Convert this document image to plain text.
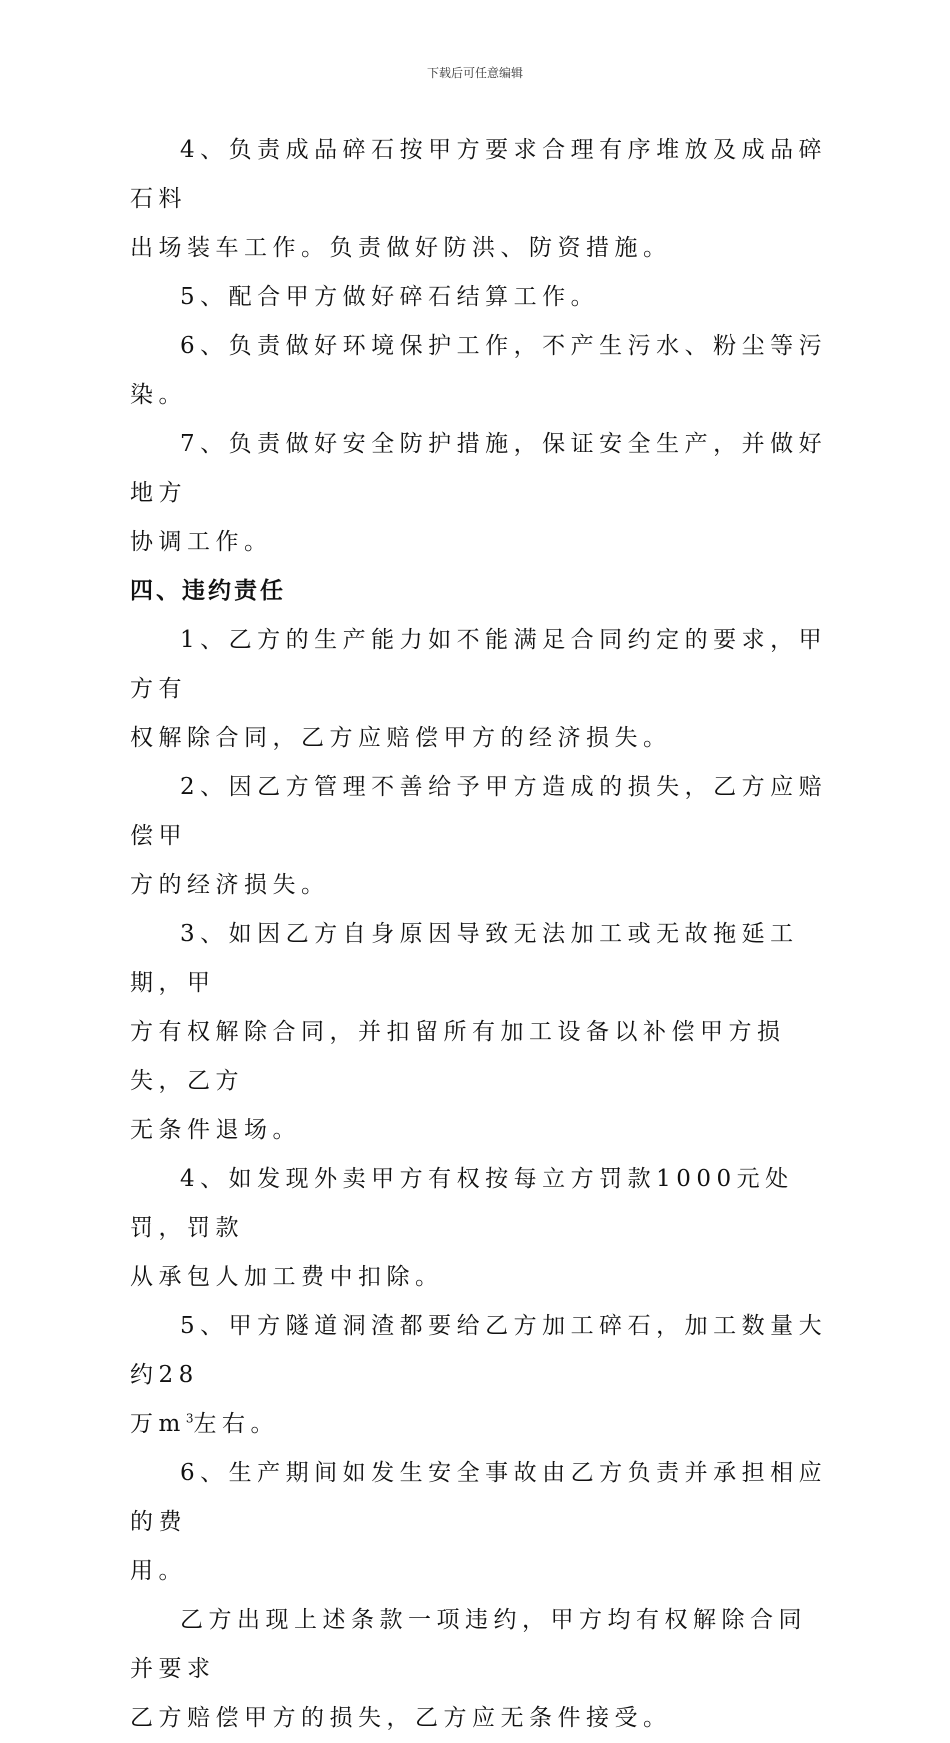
下载后可任意编辑

4、负责成品碎石按甲方要求合理有序堆放及成品碎石料
出场装车工作。负责做好防洪、防资措施。

5、配合甲方做好碎石结算工作。

6、负责做好环境保护工作，不产生污水、粉尘等污染。

7、负责做好安全防护措施，保证安全生产，并做好地方
协调工作。

四、违约责任

1、乙方的生产能力如不能满足合同约定的要求，甲方有
权解除合同，乙方应赔偿甲方的经济损失。

2、因乙方管理不善给予甲方造成的损失，乙方应赔偿甲
方的经济损失。

3、如因乙方自身原因导致无法加工或无故拖延工期，甲
方有权解除合同，并扣留所有加工设备以补偿甲方损失，乙方
无条件退场。

4、如发现外卖甲方有权按每立方罚款1000元处罚，罚款
从承包人加工费中扣除。

5、甲方隧道洞渣都要给乙方加工碎石，加工数量大约28
万$m^3$左右。

6、生产期间如发生安全事故由乙方负责并承担相应的费
用。

乙方出现上述条款一项违约，甲方均有权解除合同并要求
乙方赔偿甲方的损失，乙方应无条件接受。
